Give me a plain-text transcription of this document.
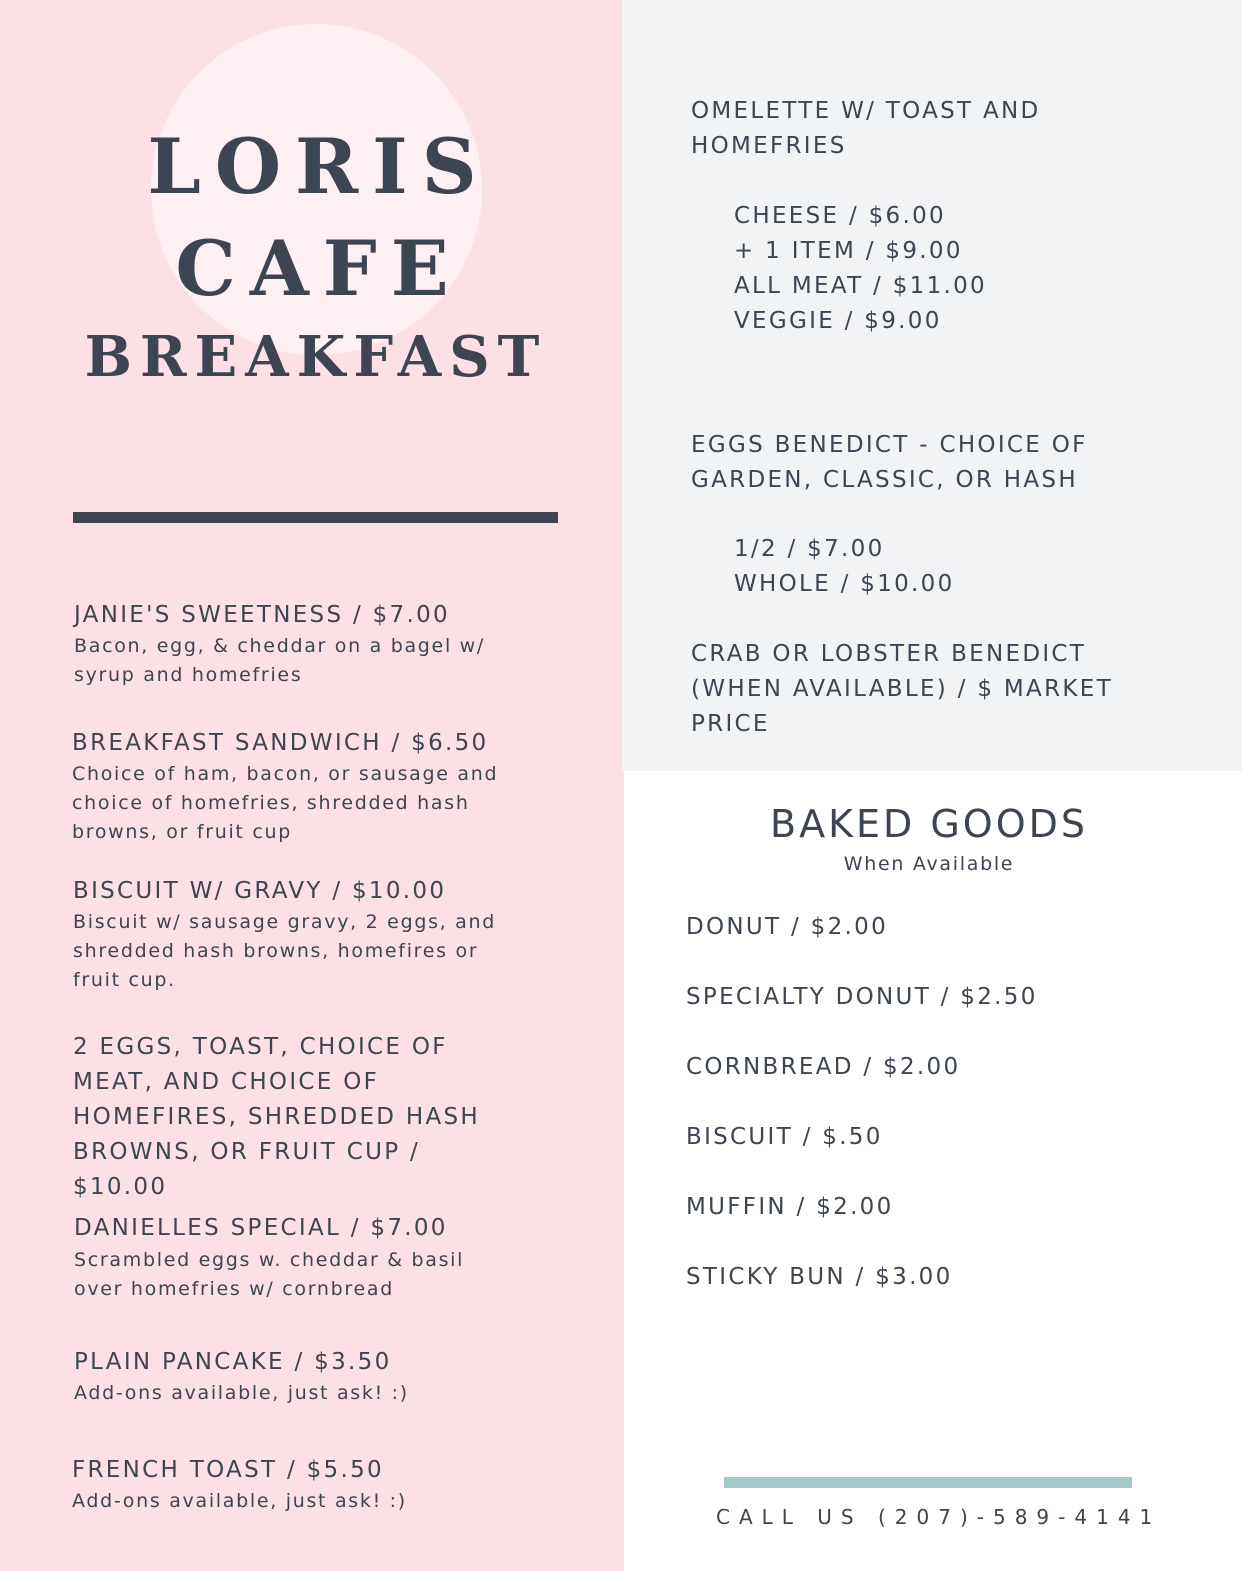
LORIS
CAFE
BREAKFAST
JANIE'S SWEETNESS / $7.00
Bacon, egg, & cheddar on a bagel w/
syrup and homefries
BREAKFAST SANDWICH / $6.50
Choice of ham, bacon, or sausage and
choice of homefries, shredded hash
browns, or fruit cup
BISCUIT W/ GRAVY / $10.00
Biscuit w/ sausage gravy, 2 eggs, and
shredded hash browns, homefires or
fruit cup.
2 EGGS, TOAST, CHOICE OF
MEAT, AND CHOICE OF
HOMEFIRES, SHREDDED HASH
BROWNS, OR FRUIT CUP /
$10.00
DANIELLES SPECIAL / $7.00
Scrambled eggs w. cheddar & basil
over homefries w/ cornbread
PLAIN PANCAKE / $3.50
Add-ons available, just ask! :)
FRENCH TOAST / $5.50
Add-ons available, just ask! :)
OMELETTE W/ TOAST AND
HOMEFRIES
CHEESE / $6.00
+ 1 ITEM / $9.00
ALL MEAT / $11.00
VEGGIE / $9.00
EGGS BENEDICT - CHOICE OF
GARDEN, CLASSIC, OR HASH
1/2 / $7.00
WHOLE / $10.00
CRAB OR LOBSTER BENEDICT
(WHEN AVAILABLE) / $ MARKET
PRICE
BAKED GOODS
When Available
DONUT / $2.00
SPECIALTY DONUT / $2.50
CORNBREAD / $2.00
BISCUIT / $.50
MUFFIN / $2.00
STICKY BUN / $3.00
CALL US (207)-589-4141
